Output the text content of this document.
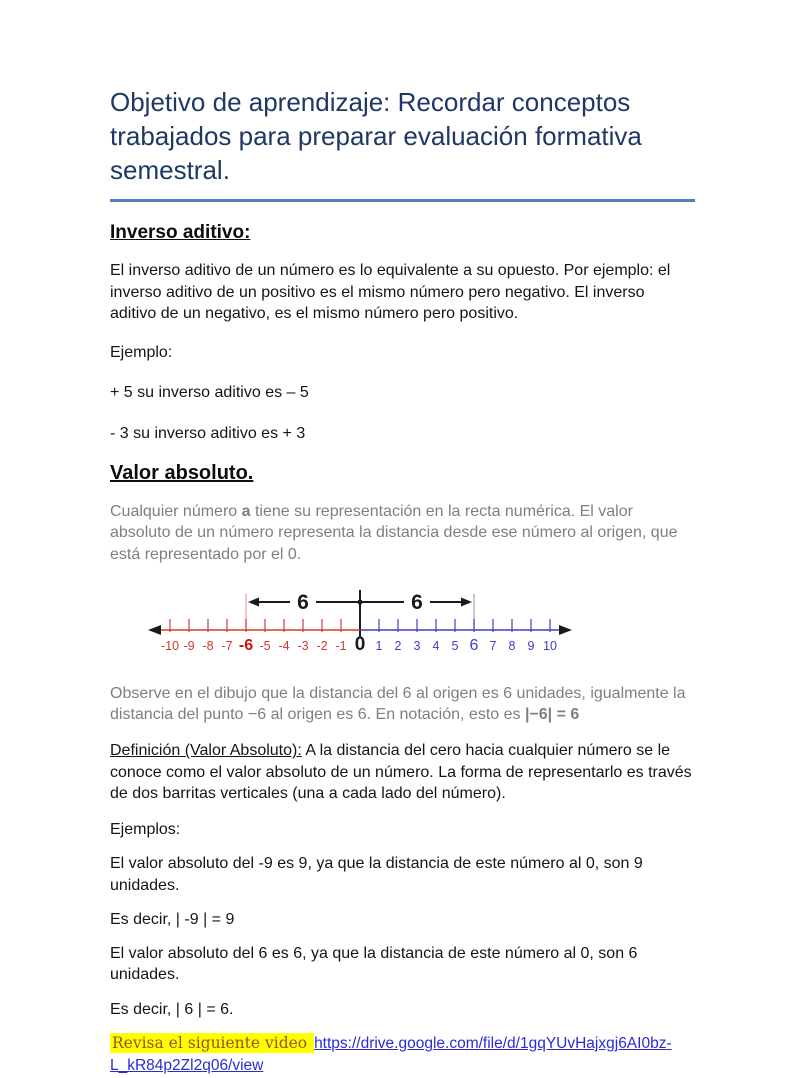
Objetivo de aprendizaje: Recordar conceptos trabajados para preparar evaluación formativa semestral.
Inverso aditivo:

El inverso aditivo de un número es lo equivalente a su opuesto. Por ejemplo: el inverso aditivo de un positivo es el mismo número pero negativo. El inverso aditivo de un negativo, es el mismo número pero positivo.

Ejemplo:

+ 5 su inverso aditivo es – 5

- 3 su inverso aditivo es + 3

Valor absoluto.

Cualquier número a tiene su representación en la recta numérica. El valor absoluto de un número representa la distancia desde ese número al origen, que está representado por el 0.

6	6
-10 -9 -8 -7 -6 -5 -4 -3 -2 -1 0 1 2 3 4 5 6 7 8 9 10

Observe en el dibujo que la distancia del 6 al origen es 6 unidades, igualmente la distancia del punto −6 al origen es 6. En notación, esto es |−6| = 6

Definición (Valor Absoluto): A la distancia del cero hacia cualquier número se le conoce como el valor absoluto de un número. La forma de representarlo es través de dos barritas verticales (una a cada lado del número).

Ejemplos:

El valor absoluto del -9 es 9, ya que la distancia de este número al 0, son 9 unidades.

Es decir, | -9 | = 9

El valor absoluto del 6 es 6, ya que la distancia de este número al 0, son 6 unidades.

Es decir, | 6 | = 6.

Revisa el siguiente video https://drive.google.com/file/d/1gqYUvHajxgj6AI0bz-
L_kR84p2Zl2q06/view
